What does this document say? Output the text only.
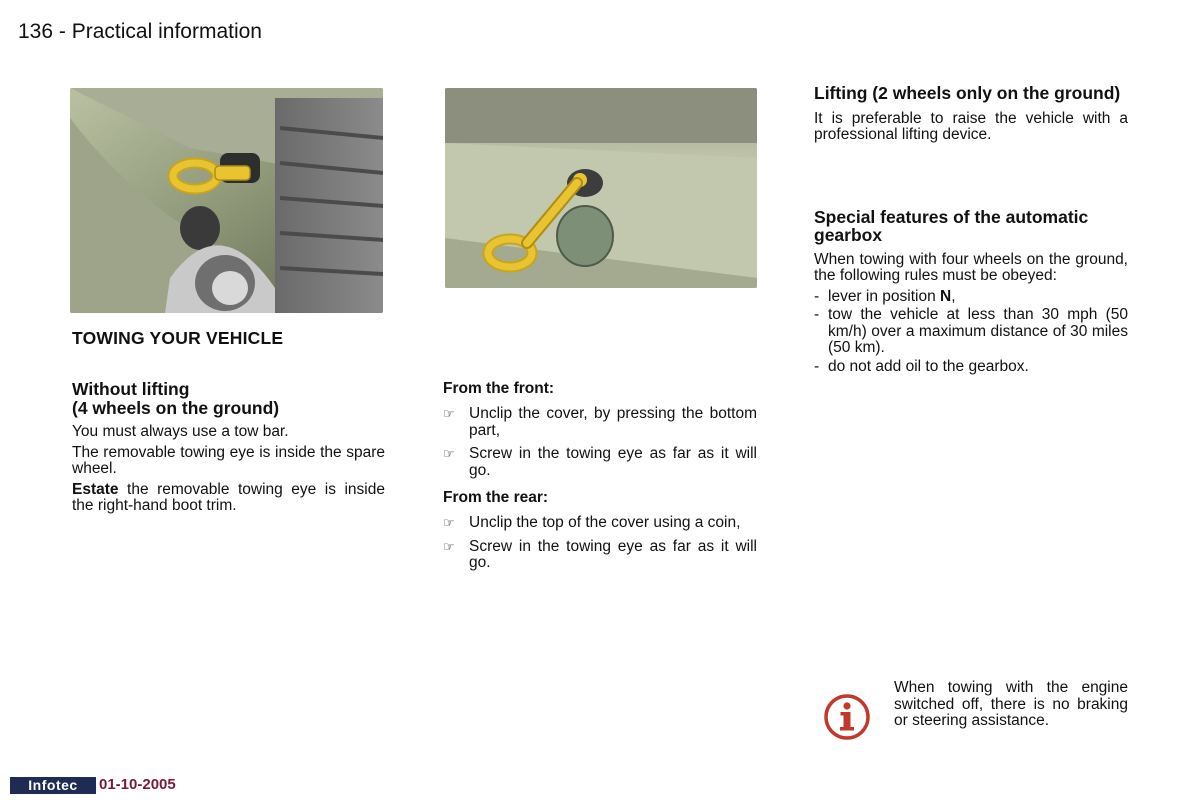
136 - Practical information
TOWING YOUR VEHICLE
Without lifting
(4 wheels on the ground)

You must always use a tow bar.

The removable towing eye is inside the spare wheel.

Estate the removable towing eye is inside the right-hand boot trim.

From the front:
☞ Unclip the cover, by pressing the bottom part,
☞ Screw in the towing eye as far as it will go.
From the rear:
☞ Unclip the top of the cover using a coin,
☞ Screw in the towing eye as far as it will go.
Lifting (2 wheels only on the ground)

It is preferable to raise the vehicle with a professional lifting device.

Special features of the automatic gearbox

When towing with four wheels on the ground, the following rules must be obeyed:

- lever in position N,
- tow the vehicle at less than 30 mph (50 km/h) over a maximum distance of 30 miles (50 km).
- do not add oil to the gearbox.

When towing with the engine switched off, there is no braking or steering assistance.

Infotec	01-10-2005
